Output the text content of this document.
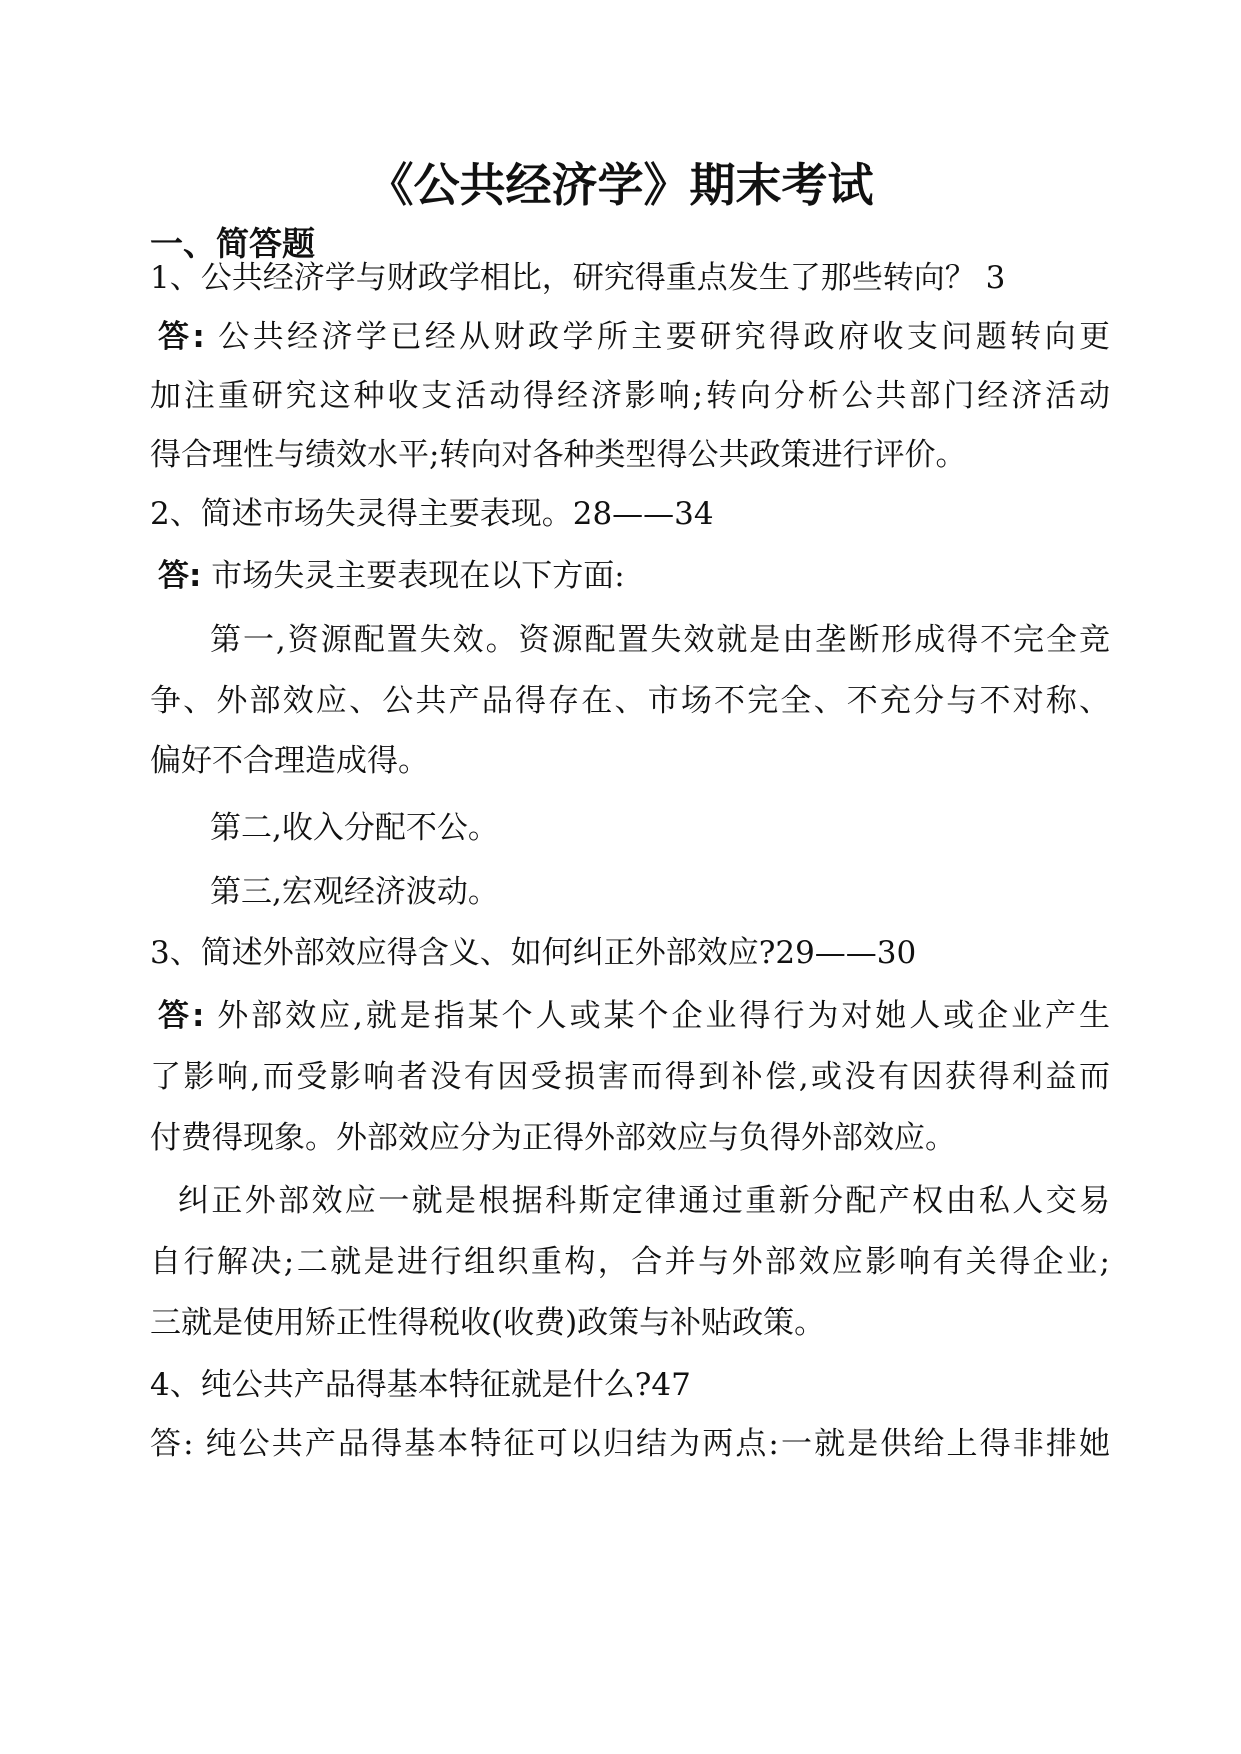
《公共经济学》期末考试
一、简答题
1、公共经济学与财政学相比，研究得重点发生了那些转向？ 3
答: 公共经济学已经从财政学所主要研究得政府收支问题转向更
加注重研究这种收支活动得经济影响;转向分析公共部门经济活动
得合理性与绩效水平;转向对各种类型得公共政策进行评价。
2、简述市场失灵得主要表现。28——34
答: 市场失灵主要表现在以下方面:
第一,资源配置失效。资源配置失效就是由垄断形成得不完全竞
争、外部效应、公共产品得存在、市场不完全、不充分与不对称、
偏好不合理造成得。
第二,收入分配不公。
第三,宏观经济波动。
3、简述外部效应得含义、如何纠正外部效应?29——30
答: 外部效应,就是指某个人或某个企业得行为对她人或企业产生
了影响,而受影响者没有因受损害而得到补偿,或没有因获得利益而
付费得现象。外部效应分为正得外部效应与负得外部效应。
纠正外部效应一就是根据科斯定律通过重新分配产权由私人交易
自行解决;二就是进行组织重构，合并与外部效应影响有关得企业;
三就是使用矫正性得税收(收费)政策与补贴政策。
4、纯公共产品得基本特征就是什么?47
答: 纯公共产品得基本特征可以归结为两点:一就是供给上得非排她
